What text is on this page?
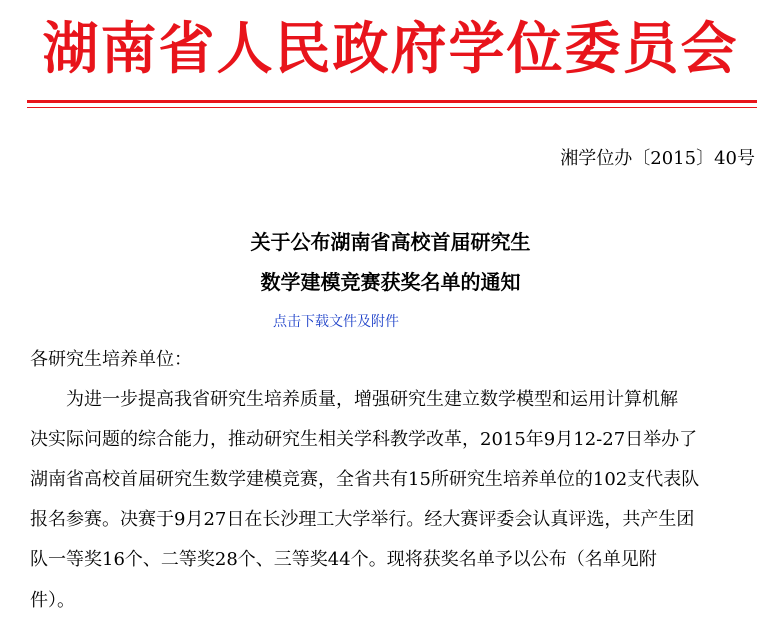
湖南省人民政府学位委员会
湘学位办〔2015〕40号
关于公布湖南省高校首届研究生
数学建模竞赛获奖名单的通知
点击下载文件及附件
各研究生培养单位：
为进一步提高我省研究生培养质量，增强研究生建立数学模型和运用计算机解
决实际问题的综合能力，推动研究生相关学科教学改革，2015年9月12-27日举办了
湖南省高校首届研究生数学建模竞赛，全省共有15所研究生培养单位的102支代表队
报名参赛。决赛于9月27日在长沙理工大学举行。经大赛评委会认真评选，共产生团
队一等奖16个、二等奖28个、三等奖44个。现将获奖名单予以公布（名单见附
件）。
